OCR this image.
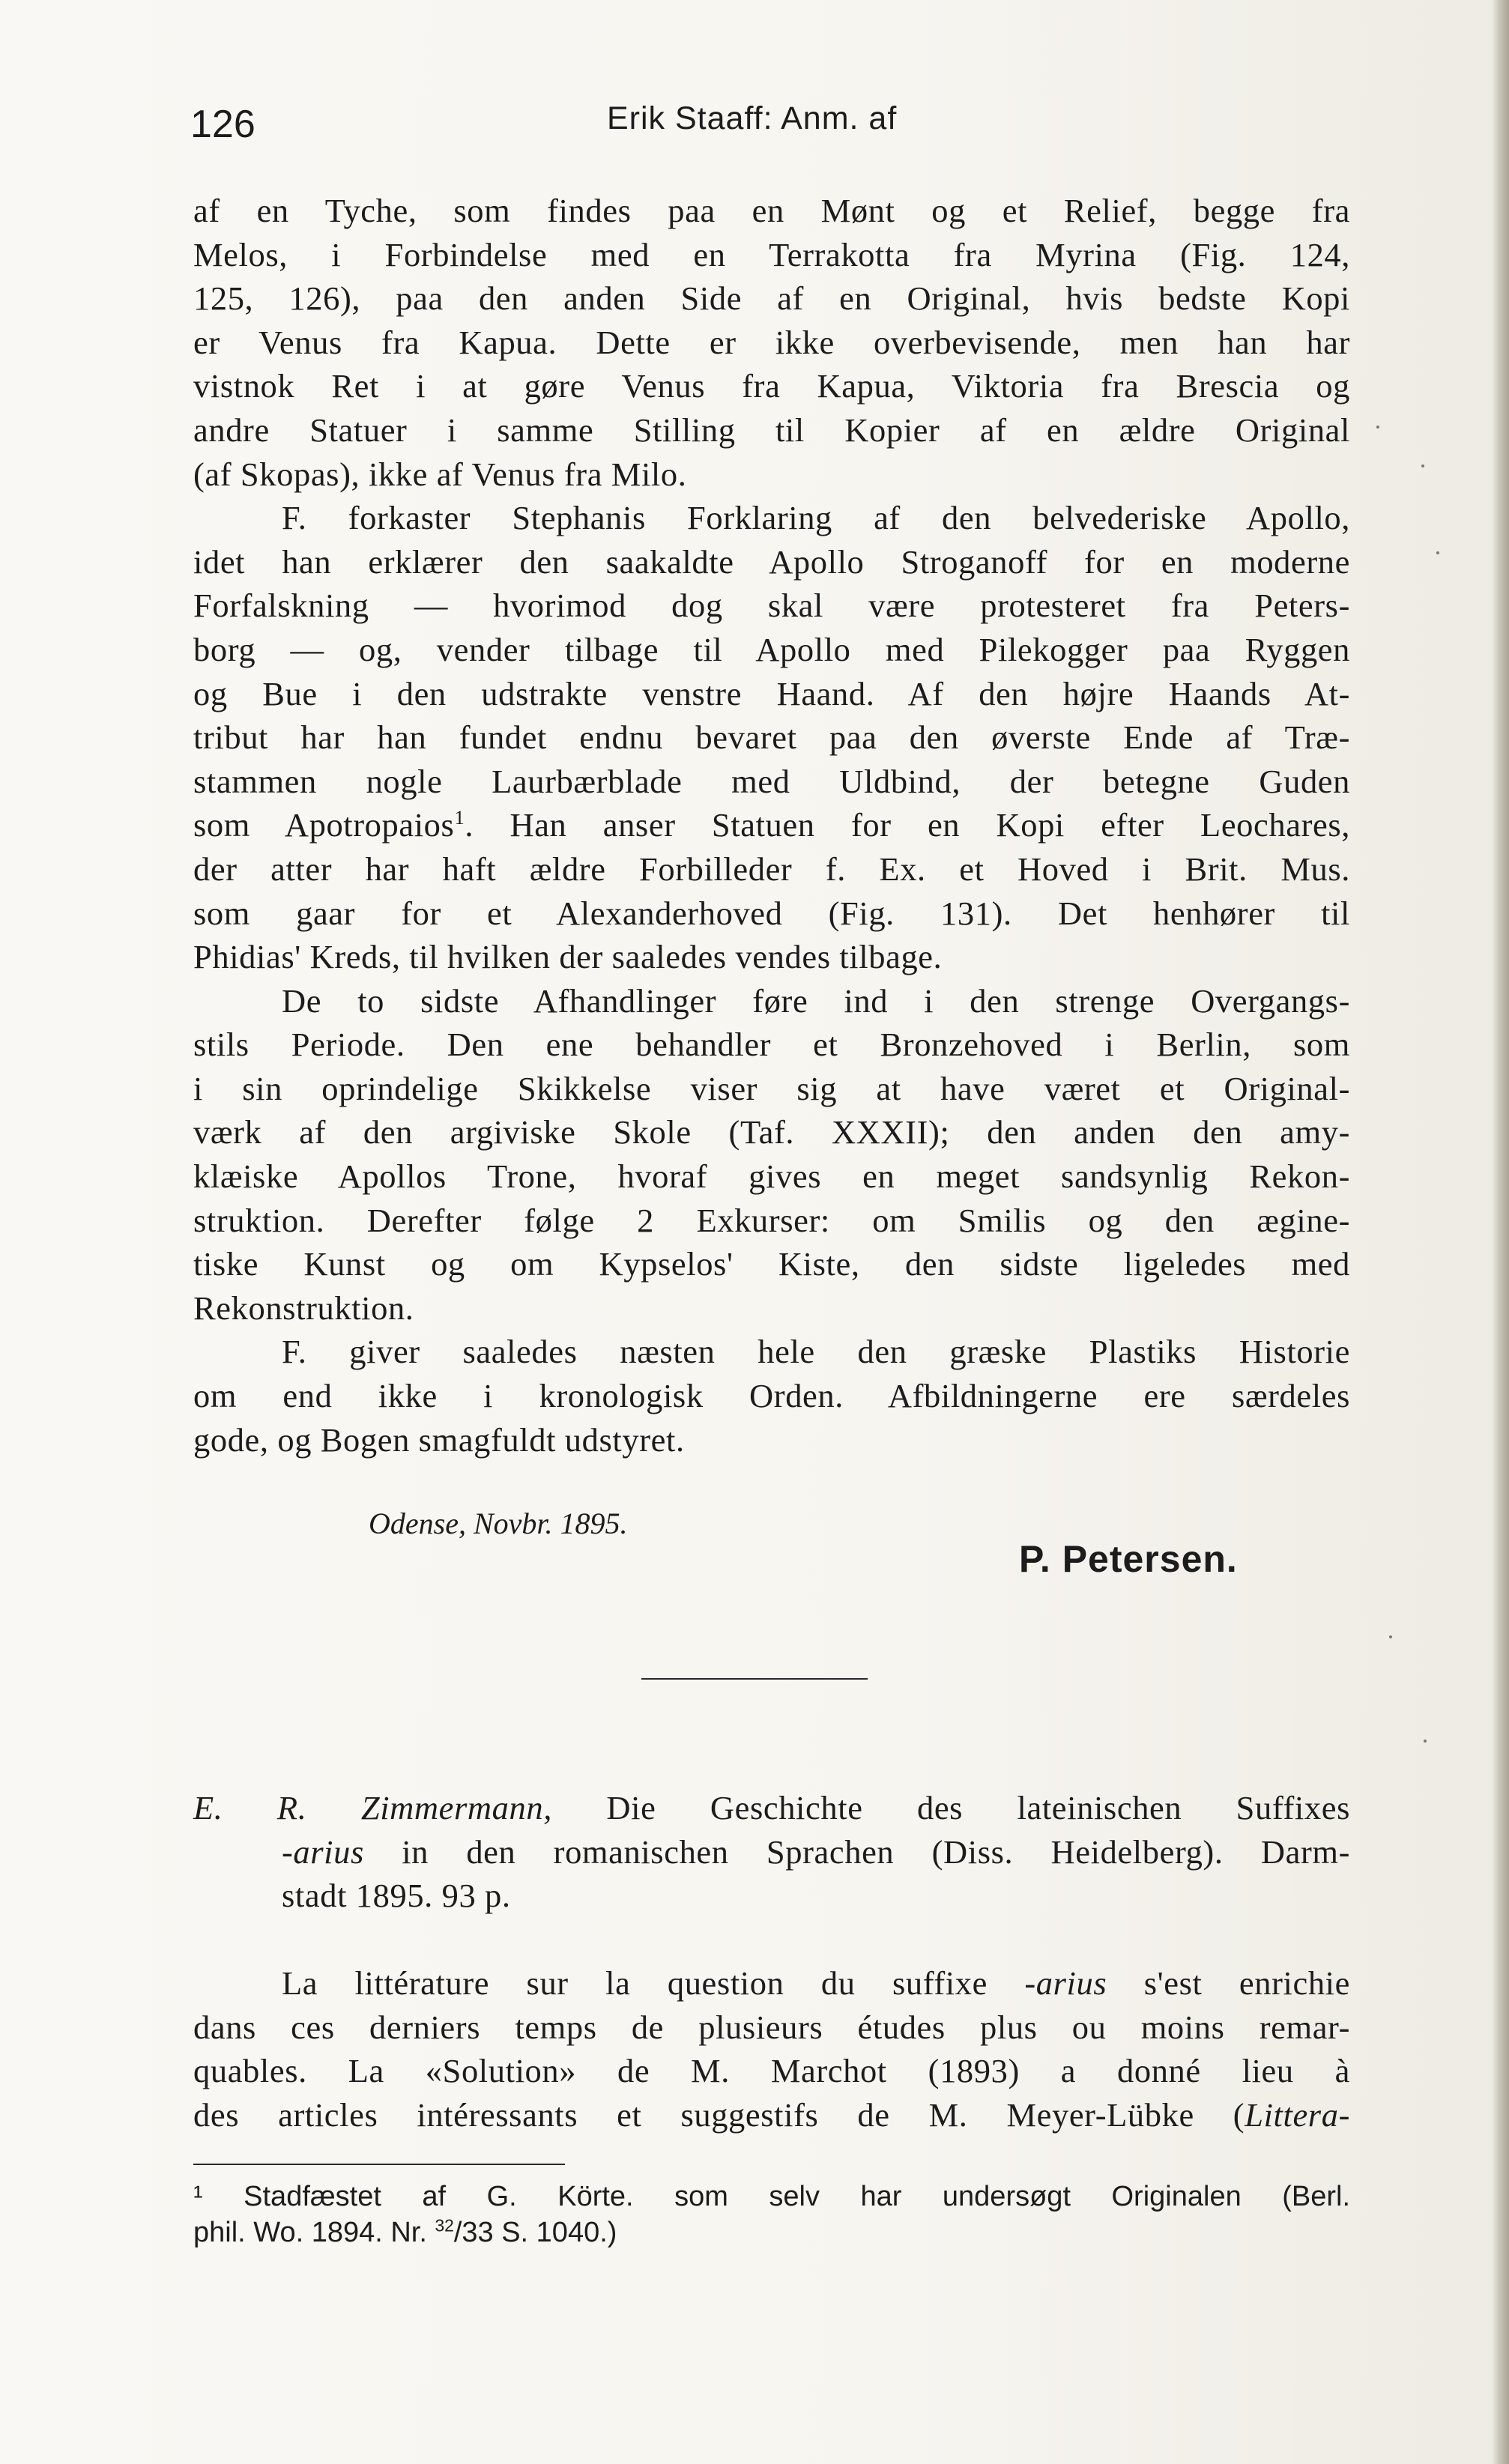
126	Erik Staaff: Anm. af
af en Tyche, som findes paa en Mønt og et Relief, begge fra
Melos, i Forbindelse med en Terrakotta fra Myrina (Fig. 124,
125, 126), paa den anden Side af en Original, hvis bedste Kopi
er Venus fra Kapua. Dette er ikke overbevisende, men han har
vistnok Ret i at gøre Venus fra Kapua, Viktoria fra Brescia og
andre Statuer i samme Stilling til Kopier af en ældre Original
(af Skopas), ikke af Venus fra Milo.
F. forkaster Stephanis Forklaring af den belvederiske Apollo,
idet han erklærer den saakaldte Apollo Stroganoff for en moderne
Forfalskning — hvorimod dog skal være protesteret fra Peters-
borg — og, vender tilbage til Apollo med Pilekogger paa Ryggen
og Bue i den udstrakte venstre Haand. Af den højre Haands At-
tribut har han fundet endnu bevaret paa den øverste Ende af Træ-
stammen nogle Laurbærblade med Uldbind, der betegne Guden
som Apotropaios$^1$. Han anser Statuen for en Kopi efter Leochares,
der atter har haft ældre Forbilleder f. Ex. et Hoved i Brit. Mus.
som gaar for et Alexanderhoved (Fig. 131). Det henhører til
Phidias' Kreds, til hvilken der saaledes vendes tilbage.
De to sidste Afhandlinger føre ind i den strenge Overgangs-
stils Periode. Den ene behandler et Bronzehoved i Berlin, som
i sin oprindelige Skikkelse viser sig at have været et Original-
værk af den argiviske Skole (Taf. XXXII); den anden den amy-
klæiske Apollos Trone, hvoraf gives en meget sandsynlig Rekon-
struktion. Derefter følge 2 Exkurser: om Smilis og den ægine-
tiske Kunst og om Kypselos' Kiste, den sidste ligeledes med
Rekonstruktion.
F. giver saaledes næsten hele den græske Plastiks Historie
om end ikke i kronologisk Orden. Afbildningerne ere særdeles
gode, og Bogen smagfuldt udstyret.
Odense, Novbr. 1895.
P. Petersen.
E. R. Zimmermann, Die Geschichte des lateinischen Suffixes
-arius in den romanischen Sprachen (Diss. Heidelberg). Darm-
stadt 1895. 93 p.
La littérature sur la question du suffixe -arius s'est enrichie
dans ces derniers temps de plusieurs études plus ou moins remar-
quables. La «Solution» de M. Marchot (1893) a donné lieu à
des articles intéressants et suggestifs de M. Meyer-Lübke (Littera-
¹ Stadfæstet af G. Körte. som selv har undersøgt Originalen (Berl.
phil. Wo. 1894. Nr. $^{32}$/33 S. 1040.)
